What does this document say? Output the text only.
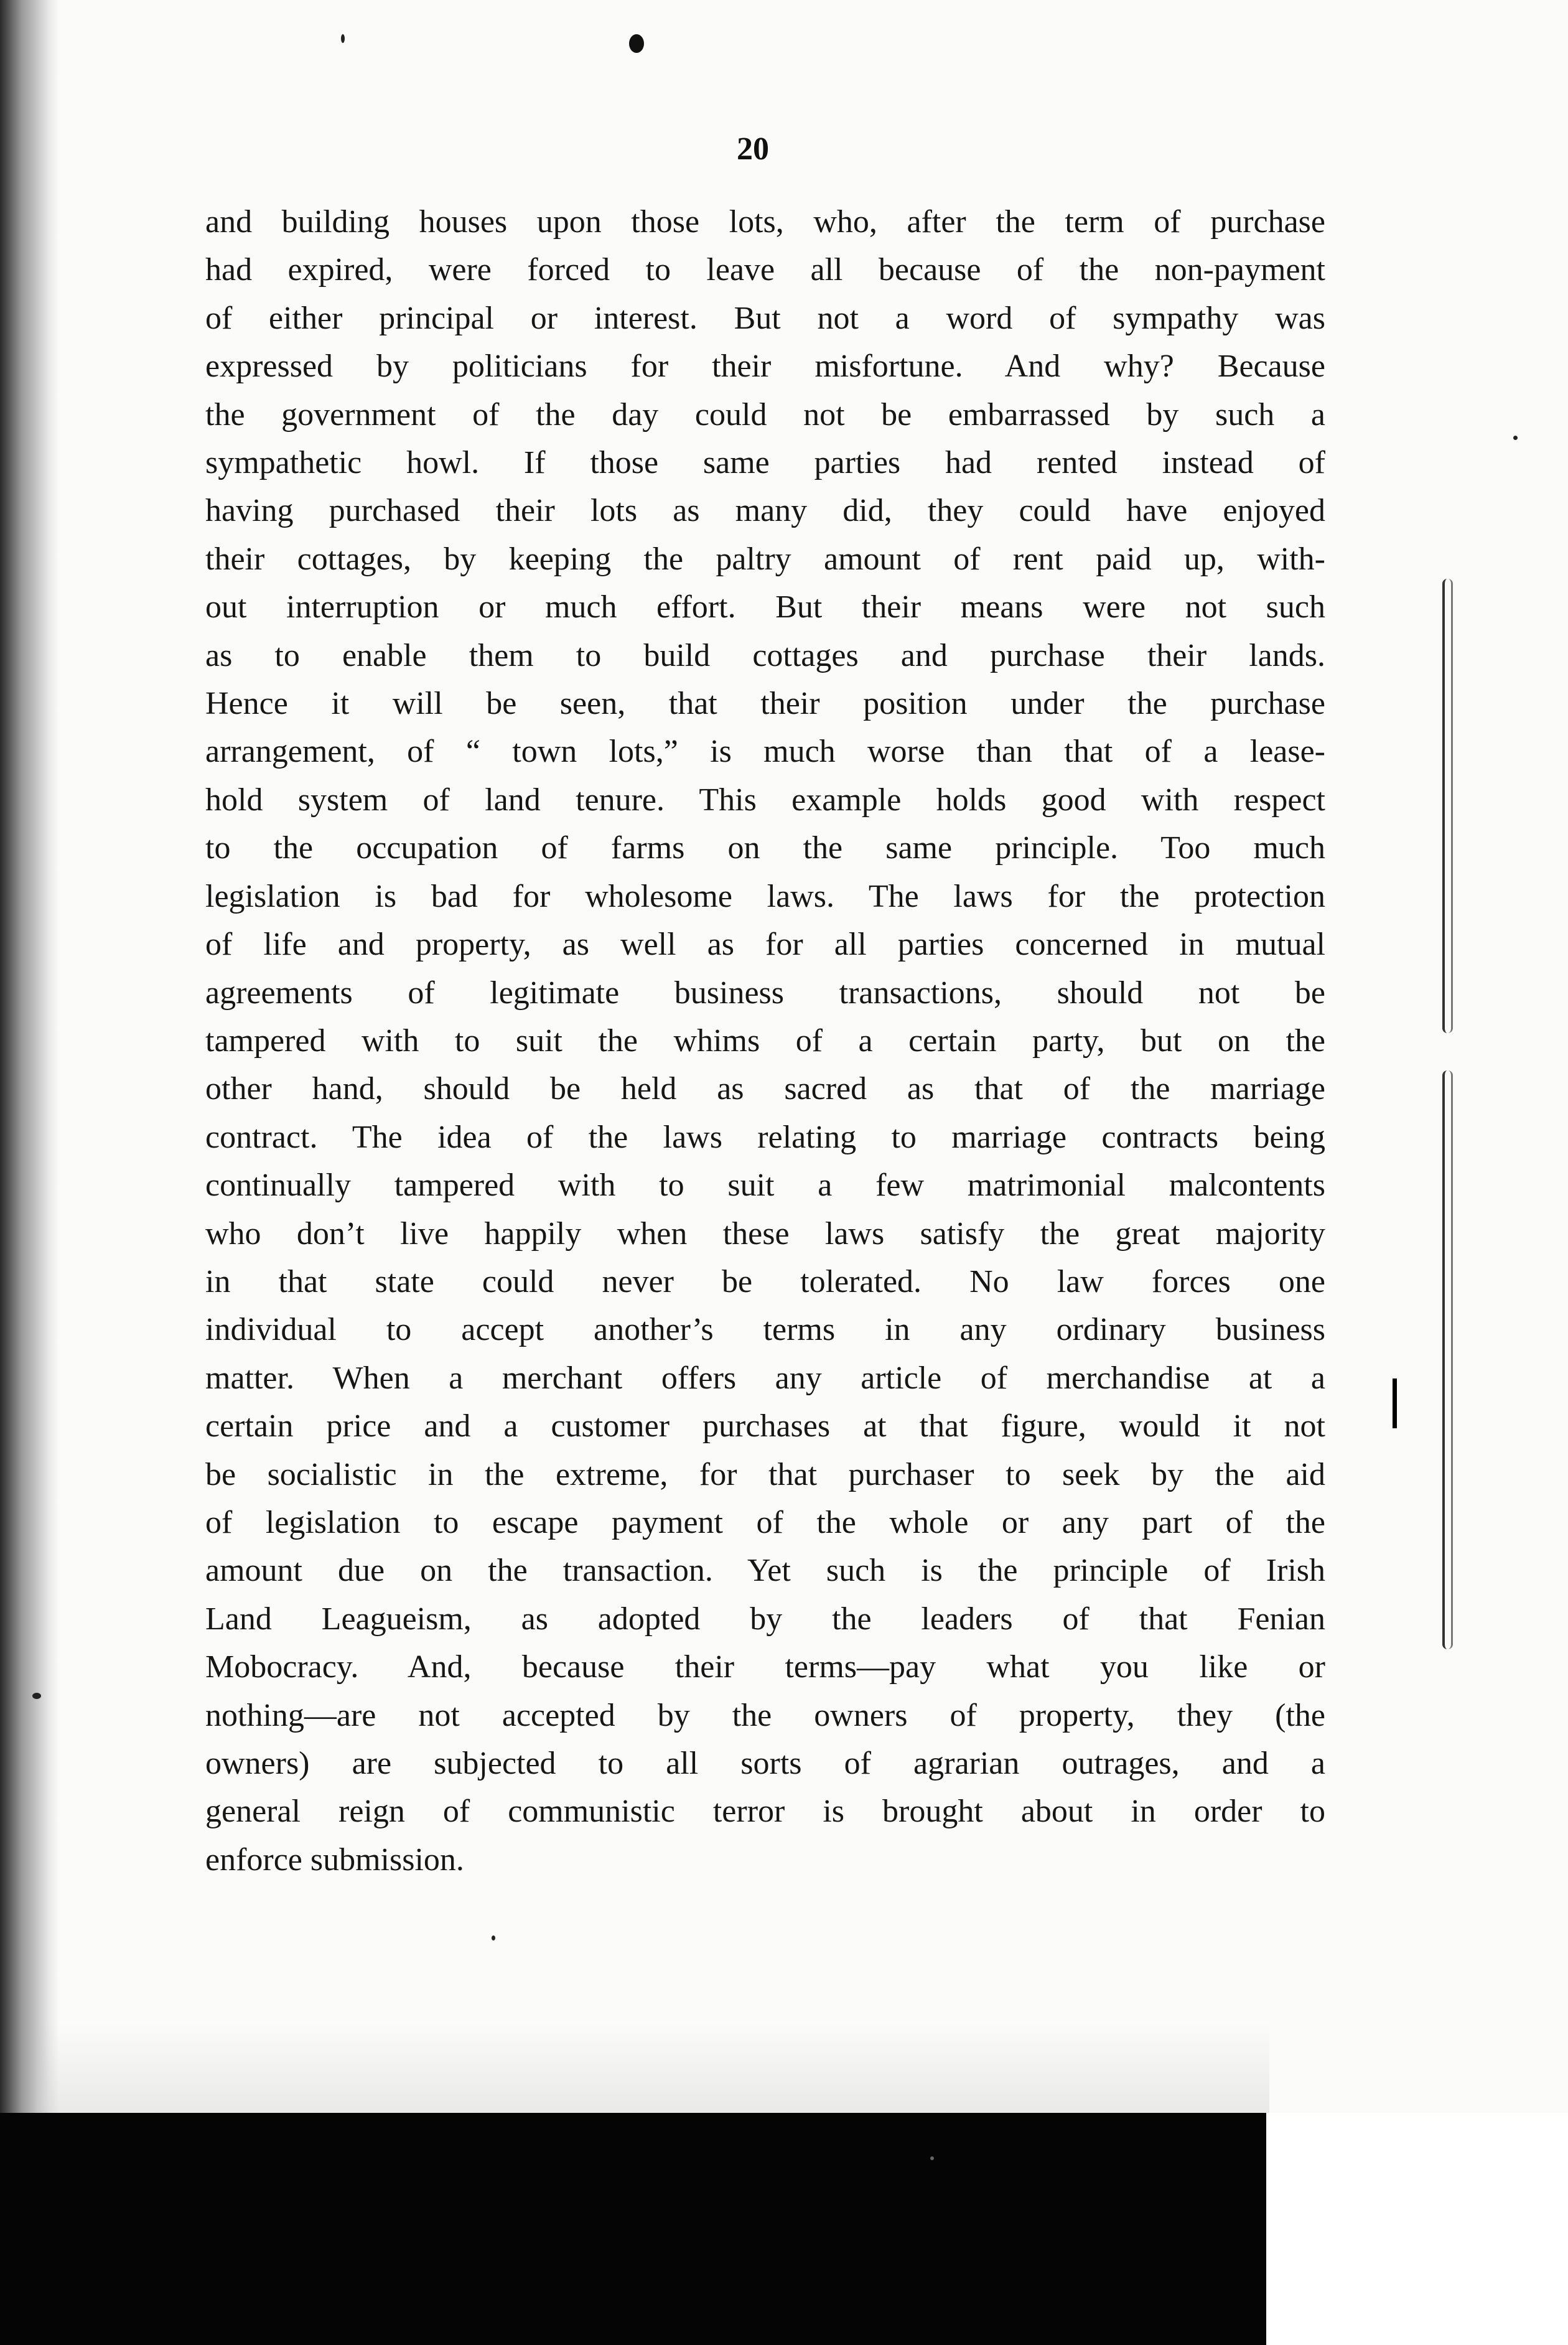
20
and building houses upon those lots, who, after the term of purchase
had expired, were forced to leave all because of the non-payment
of either principal or interest. But not a word of sympathy was
expressed by politicians for their misfortune. And why? Because
the government of the day could not be embarrassed by such a
sympathetic howl. If those same parties had rented instead of
having purchased their lots as many did, they could have enjoyed
their cottages, by keeping the paltry amount of rent paid up, with-
out interruption or much effort. But their means were not such
as to enable them to build cottages and purchase their lands.
Hence it will be seen, that their position under the purchase
arrangement, of “ town lots,” is much worse than that of a lease-
hold system of land tenure. This example holds good with respect
to the occupation of farms on the same principle. Too much
legislation is bad for wholesome laws. The laws for the protection
of life and property, as well as for all parties concerned in mutual
agreements of legitimate business transactions, should not be
tampered with to suit the whims of a certain party, but on the
other hand, should be held as sacred as that of the marriage
contract. The idea of the laws relating to marriage contracts being
continually tampered with to suit a few matrimonial malcontents
who don’t live happily when these laws satisfy the great majority
in that state could never be tolerated. No law forces one
individual to accept another’s terms in any ordinary business
matter. When a merchant offers any article of merchandise at a
certain price and a customer purchases at that figure, would it not
be socialistic in the extreme, for that purchaser to seek by the aid
of legislation to escape payment of the whole or any part of the
amount due on the transaction. Yet such is the principle of Irish
Land Leagueism, as adopted by the leaders of that Fenian
Mobocracy. And, because their terms—pay what you like or
nothing—are not accepted by the owners of property, they (the
owners) are subjected to all sorts of agrarian outrages, and a
general reign of communistic terror is brought about in order to
enforce submission.
